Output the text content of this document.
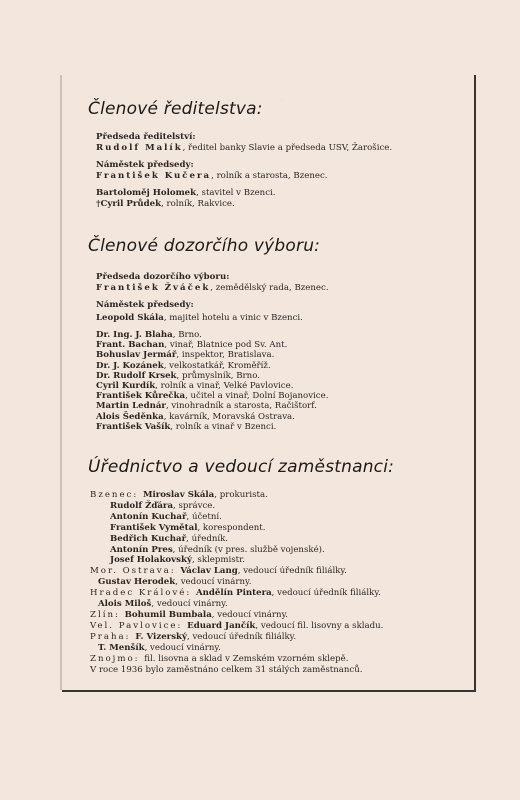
·
Členové ředitelstva:
Předseda ředitelství:
Rudolf Malík, ředitel banky Slavie a předseda USV, Žarošice.
Náměstek předsedy:
František Kučera, rolník a starosta, Bzenec.
Bartoloměj Holomek, stavitel v Bzenci.
†Cyril Průdek, rolník, Rakvice.
Členové dozorčího výboru:
Předseda dozorčího výboru:
František Žváček, zemědělský rada, Bzenec.
Náměstek předsedy:
Leopold Skála, majitel hotelu a vinic v Bzenci.
Dr. Ing. J. Blaha, Brno.
Frant. Bachan, vinař, Blatnice pod Sv. Ant.
Bohuslav Jermář, inspektor, Bratislava.
Dr. J. Kozánek, velkostatkář, Kroměříž.
Dr. Rudolf Krsek, průmyslník, Brno.
Cyril Kurdík, rolník a vinař, Velké Pavlovice.
František Kůrečka, učitel a vinař, Dolní Bojanovice.
Martin Lednár, vinohradník a starosta, Račištorf.
Alois Šeděnka, kavárník, Moravská Ostrava.
František Vašík, rolník a vinař v Bzenci.
Úřednictvo a vedoucí zaměstnanci:
Bzenec: Miroslav Skála, prokurista.
Rudolf Žďára, správce.
Antonín Kuchař, účetní.
František Vymětal, korespondent.
Bedřich Kuchař, úředník.
Antonín Pres, úředník (v pres. službě vojenské).
Josef Holakovský, sklepmistr.
Mor. Ostrava: Václav Lang, vedoucí úředník filiálky.
Gustav Herodek, vedoucí vinárny.
Hradec Králové: Andělín Pintera, vedoucí úředník filiálky.
Alois Miloš, vedoucí vinárny.
Zlín: Bohumil Bumbala, vedoucí vinárny.
Vel. Pavlovice: Eduard Jančík, vedoucí fil. lisovny a skladu.
Praha: F. Vizerský, vedoucí úředník filiálky.
T. Menšík, vedoucí vinárny.
Znojmo: fil. lisovna a sklad v Zemském vzorném sklepě.
V roce 1936 bylo zaměstnáno celkem 31 stálých zaměstnanců.
